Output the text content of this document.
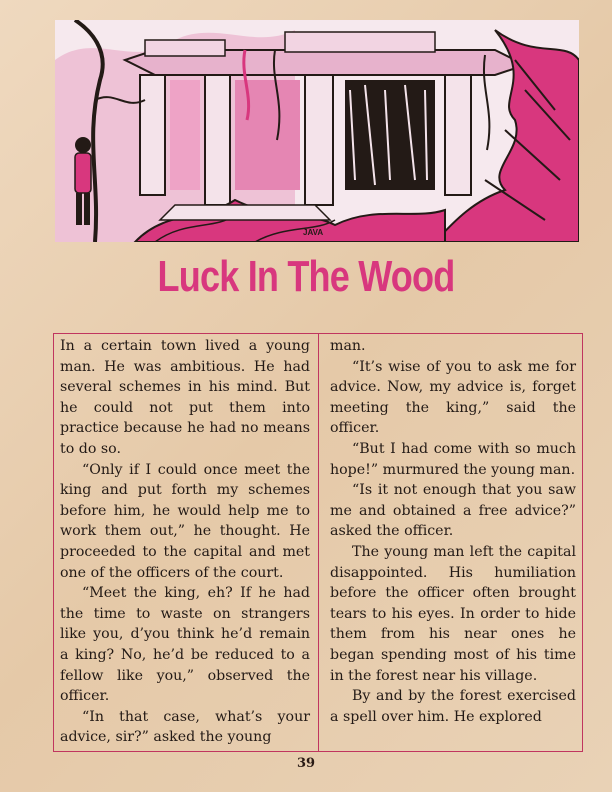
JAVA
Luck In The Wood

In a certain town lived a young man. He was ambitious. He had several schemes in his mind. But he could not put them into practice because he had no means to do so.

“Only if I could once meet the king and put forth my schemes before him, he would help me to work them out,” he thought. He proceeded to the capital and met one of the officers of the court.

“Meet the king, eh? If he had the time to waste on strangers like you, d’you think he’d remain a king? No, he’d be reduced to a fellow like you,” observed the officer.

“In that case, what’s your advice, sir?” asked the young

man.

“It’s wise of you to ask me for advice. Now, my advice is, forget meeting the king,” said the officer.

“But I had come with so much hope!” murmured the young man.

“Is it not enough that you saw me and obtained a free advice?” asked the officer.

The young man left the capital disappointed. His humiliation before the officer often brought tears to his eyes. In order to hide them from his near ones he began spending most of his time in the forest near his village.

By and by the forest exercised a spell over him. He explored

39
